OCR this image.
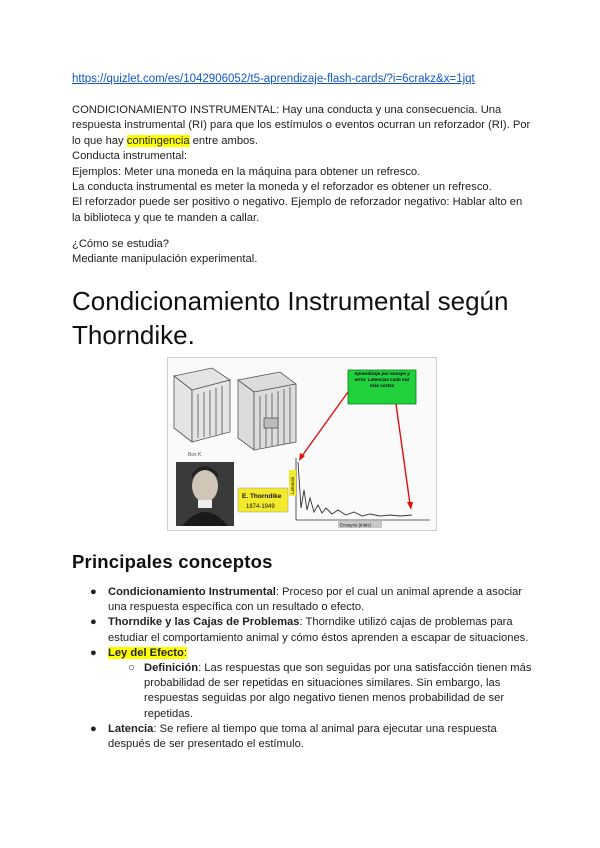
https://quizlet.com/es/1042906052/t5-aprendizaje-flash-cards/?i=6crakz&x=1jqt
CONDICIONAMIENTO INSTRUMENTAL: Hay una conducta y una consecuencia. Una respuesta instrumental (RI) para que los estímulos o eventos ocurran un reforzador (RI). Por lo que hay contingencia entre ambos.
Conducta instrumental:
Ejemplos: Meter una moneda en la máquina para obtener un refresco.
La conducta instrumental es meter la moneda y el reforzador es obtener un refresco.
El reforzador puede ser positivo o negativo. Ejemplo de reforzador negativo: Hablar alto en la biblioteca y que te manden a callar.
¿Cómo se estudia?
Mediante manipulación experimental.
Condicionamiento Instrumental según Thorndike.
Box K
E. Thorndike
1874-1949
Latencia
Ensayos (trials)
Aprendizaje por ensayo y error. Latencias cada vez más cortas
Principales conceptos
● Condicionamiento Instrumental: Proceso por el cual un animal aprende a asociar una respuesta específica con un resultado o efecto.
● Thorndike y las Cajas de Problemas: Thorndike utilizó cajas de problemas para estudiar el comportamiento animal y cómo éstos aprenden a escapar de situaciones.
● Ley del Efecto:
○ Definición: Las respuestas que son seguidas por una satisfacción tienen más probabilidad de ser repetidas en situaciones similares. Sin embargo, las respuestas seguidas por algo negativo tienen menos probabilidad de ser repetidas.
● Latencia: Se refiere al tiempo que toma al animal para ejecutar una respuesta después de ser presentado el estímulo.
